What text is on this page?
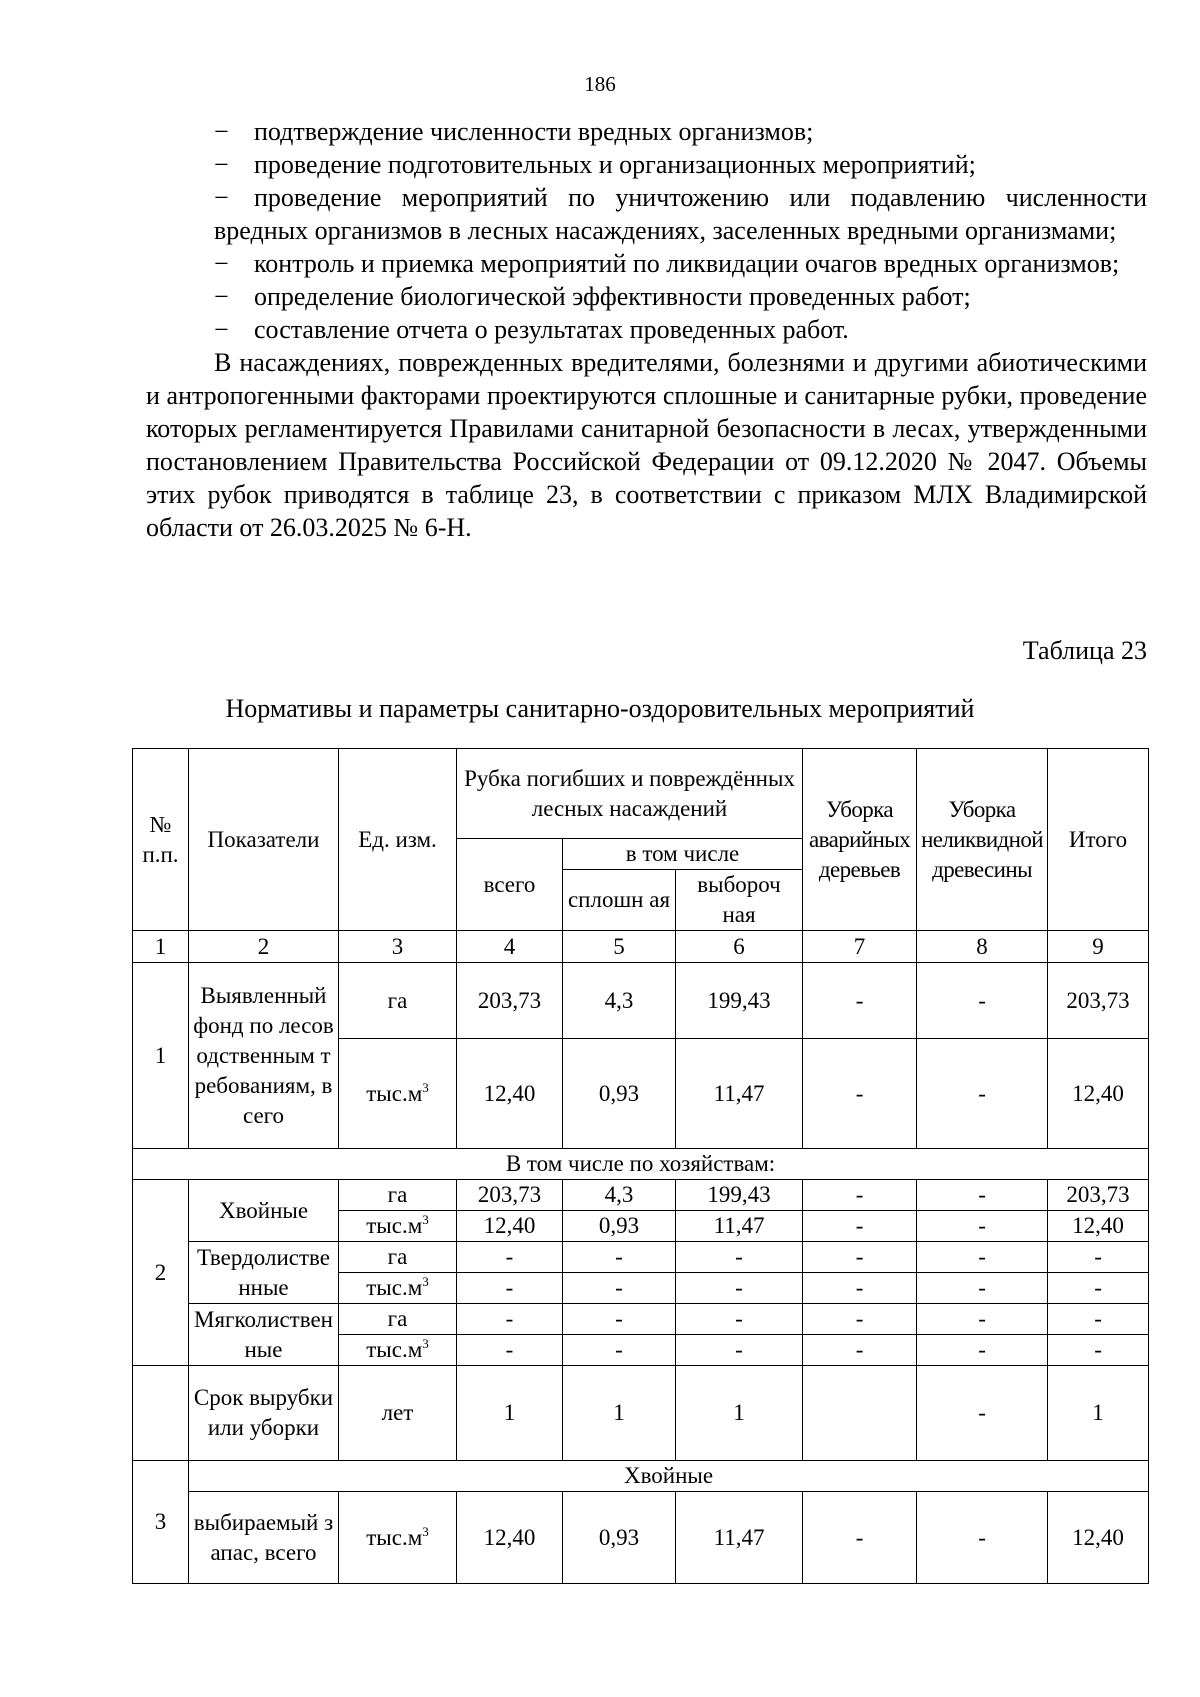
186
− подтверждение численности вредных организмов;
− проведение подготовительных и организационных мероприятий;
− проведение мероприятий по уничтожению или подавлению численности вредных организмов в лесных насаждениях, заселенных вредными организмами;
− контроль и приемка мероприятий по ликвидации очагов вредных организмов;
− определение биологической эффективности проведенных работ;
− составление отчета о результатах проведенных работ.

В насаждениях, поврежденных вредителями, болезнями и другими абиотическими и антропогенными факторами проектируются сплошные и санитарные рубки, проведение которых регламентируется Правилами санитарной безопасности в лесах, утвержденными постановлением Правительства Российской Федерации от 09.12.2020 № 2047. Объемы этих рубок приводятся в таблице 23, в соответствии с приказом МЛХ Владимирской области от 26.03.2025 № 6-Н.

Таблица 23
Нормативы и параметры санитарно-оздоровительных мероприятий
№ п.п.	Показатели	Ед. изм.	Рубка погибших и повреждённых лесных насаждений			Уборка аварийных деревьев	Уборка неликвидной древесины	Итого
			всего	в том числе				
				сплошн ая	выбороч ная			
1	2	3	4	5	6	7	8	9
1	Выявленный фонд по лесоводственным требованиям, всего	га	203,73	4,3	199,43	-	-	203,73
		$тыс.м^3$	12,40	0,93	11,47	-	-	12,40
В том числе по хозяйствам:								
2	Хвойные	га	203,73	4,3	199,43	-	-	203,73
		$тыс.м^3$	12,40	0,93	11,47	-	-	12,40
	Твердолиственные	га	-	-	-	-	-	-
		$тыс.м^3$	-	-	-	-	-	-
	Мягколиственные	га	-	-	-	-	-	-
		$тыс.м^3$	-	-	-	-	-	-
	Срок вырубки или уборки	лет	1	1	1		-	1
3	Хвойные							
	выбираемый запас, всего	$тыс.м^3$	12,40	0,93	11,47	-	-	12,40
